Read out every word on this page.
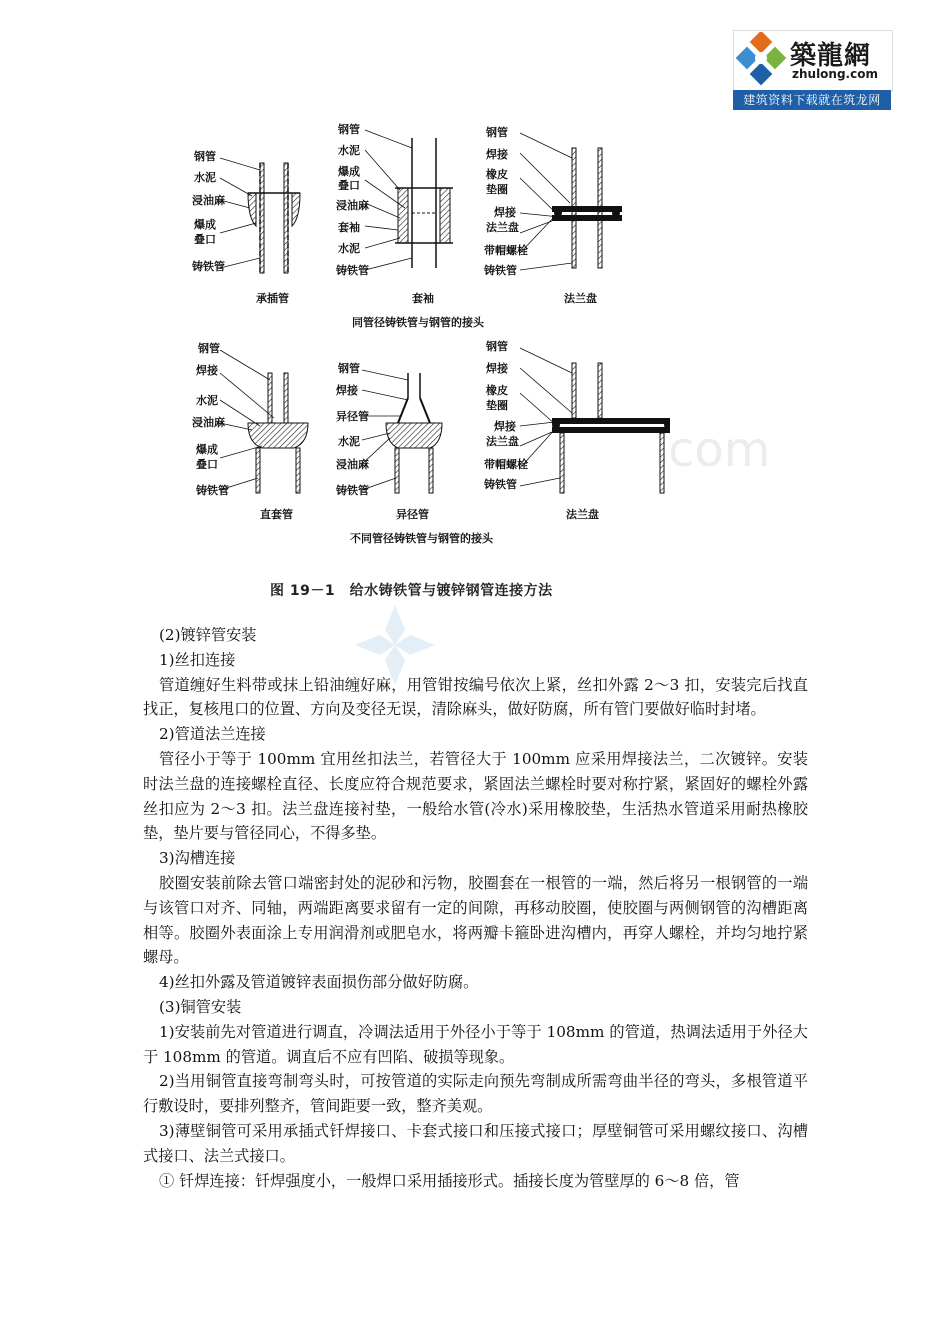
築龍網
zhulong.com
建筑资料下载就在筑龙网
钢管
水泥
浸油麻
爆成
叠口
铸铁管
承插管
钢管
水泥
爆成
叠口
浸油麻
套袖
水泥
铸铁管
套袖
钢管
焊接
橡皮
垫圈
焊接
法兰盘
带帽螺栓
铸铁管
法兰盘
同管径铸铁管与钢管的接头
钢管
焊接
水泥
浸油麻
爆成
叠口
铸铁管
直套管
钢管
焊接
异径管
水泥
浸油麻
铸铁管
异径管
钢管
焊接
橡皮
垫圈
焊接
法兰盘
带帽螺栓
铸铁管
法兰盘
不同管径铸铁管与钢管的接头
com
图 19－1　给水铸铁管与镀锌钢管连接方法

(2)镀锌管安装

1)丝扣连接

管道缠好生料带或抹上铅油缠好麻，用管钳按编号依次上紧，丝扣外露 2～3 扣，安装完后找直找正，复核甩口的位置、方向及变径无误，清除麻头，做好防腐，所有管门要做好临时封堵。

2)管道法兰连接

管径小于等于 100mm 宜用丝扣法兰，若管径大于 100mm 应采用焊接法兰，二次镀锌。安装时法兰盘的连接螺栓直径、长度应符合规范要求，紧固法兰螺栓时要对称拧紧，紧固好的螺栓外露丝扣应为 2～3 扣。法兰盘连接衬垫，一般给水管(冷水)采用橡胶垫，生活热水管道采用耐热橡胶垫，垫片要与管径同心，不得多垫。

3)沟槽连接

胶圈安装前除去管口端密封处的泥砂和污物，胶圈套在一根管的一端，然后将另一根钢管的一端与该管口对齐、同轴，两端距离要求留有一定的间隙，再移动胶圈，使胶圈与两侧钢管的沟槽距离相等。胶圈外表面涂上专用润滑剂或肥皂水，将两瓣卡箍卧进沟槽内，再穿人螺栓，并均匀地拧紧螺母。

4)丝扣外露及管道镀锌表面损伤部分做好防腐。

(3)铜管安装

1)安装前先对管道进行调直，冷调法适用于外径小于等于 108mm 的管道，热调法适用于外径大于 108mm 的管道。调直后不应有凹陷、破损等现象。

2)当用铜管直接弯制弯头时，可按管道的实际走向预先弯制成所需弯曲半径的弯头，多根管道平行敷设时，要排列整齐，管间距要一致，整齐美观。

3)薄壁铜管可采用承插式钎焊接口、卡套式接口和压接式接口；厚壁铜管可采用螺纹接口、沟槽式接口、法兰式接口。

① 钎焊连接：钎焊强度小，一般焊口采用插接形式。插接长度为管壁厚的 6～8 倍，管
